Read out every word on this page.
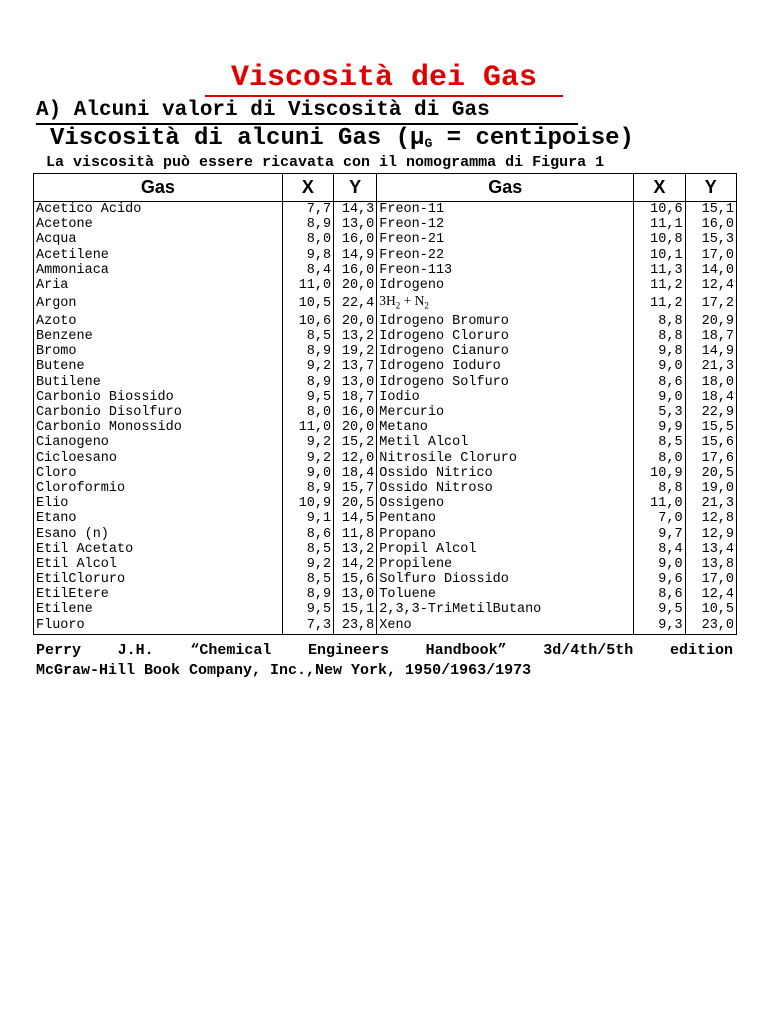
Viscosità dei Gas
A) Alcuni valori di Viscosità di Gas
Viscosità di alcuni Gas ($\mu_G$ = centipoise)
La viscosità può essere ricavata con il nomogramma di Figura 1
Gas	X	Y	Gas	X	Y
Acetico Acido	7,7	14,3	Freon-11	10,6	15,1
Acetone	8,9	13,0	Freon-12	11,1	16,0
Acqua	8,0	16,0	Freon-21	10,8	15,3
Acetilene	9,8	14,9	Freon-22	10,1	17,0
Ammoniaca	8,4	16,0	Freon-113	11,3	14,0
Aria	11,0	20,0	Idrogeno	11,2	12,4
Argon	10,5	22,4	$3H_2 + N_2$	11,2	17,2
Azoto	10,6	20,0	Idrogeno Bromuro	8,8	20,9
Benzene	8,5	13,2	Idrogeno Cloruro	8,8	18,7
Bromo	8,9	19,2	Idrogeno Cianuro	9,8	14,9
Butene	9,2	13,7	Idrogeno Ioduro	9,0	21,3
Butilene	8,9	13,0	Idrogeno Solfuro	8,6	18,0
Carbonio Biossido	9,5	18,7	Iodio	9,0	18,4
Carbonio Disolfuro	8,0	16,0	Mercurio	5,3	22,9
Carbonio Monossido	11,0	20,0	Metano	9,9	15,5
Cianogeno	9,2	15,2	Metil Alcol	8,5	15,6
Cicloesano	9,2	12,0	Nitrosile Cloruro	8,0	17,6
Cloro	9,0	18,4	Ossido Nitrico	10,9	20,5
Cloroformio	8,9	15,7	Ossido Nitroso	8,8	19,0
Elio	10,9	20,5	Ossigeno	11,0	21,3
Etano	9,1	14,5	Pentano	7,0	12,8
Esano (n)	8,6	11,8	Propano	9,7	12,9
Etil Acetato	8,5	13,2	Propil Alcol	8,4	13,4
Etil Alcol	9,2	14,2	Propilene	9,0	13,8
EtilCloruro	8,5	15,6	Solfuro Diossido	9,6	17,0
EtilEtere	8,9	13,0	Toluene	8,6	12,4
Etilene	9,5	15,1	2,3,3-TriMetilButano	9,5	10,5
Fluoro	7,3	23,8	Xeno	9,3	23,0
Perry J.H. “Chemical Engineers Handbook” 3d/4th/5th edition
McGraw-Hill Book Company, Inc.,New York, 1950/1963/1973
